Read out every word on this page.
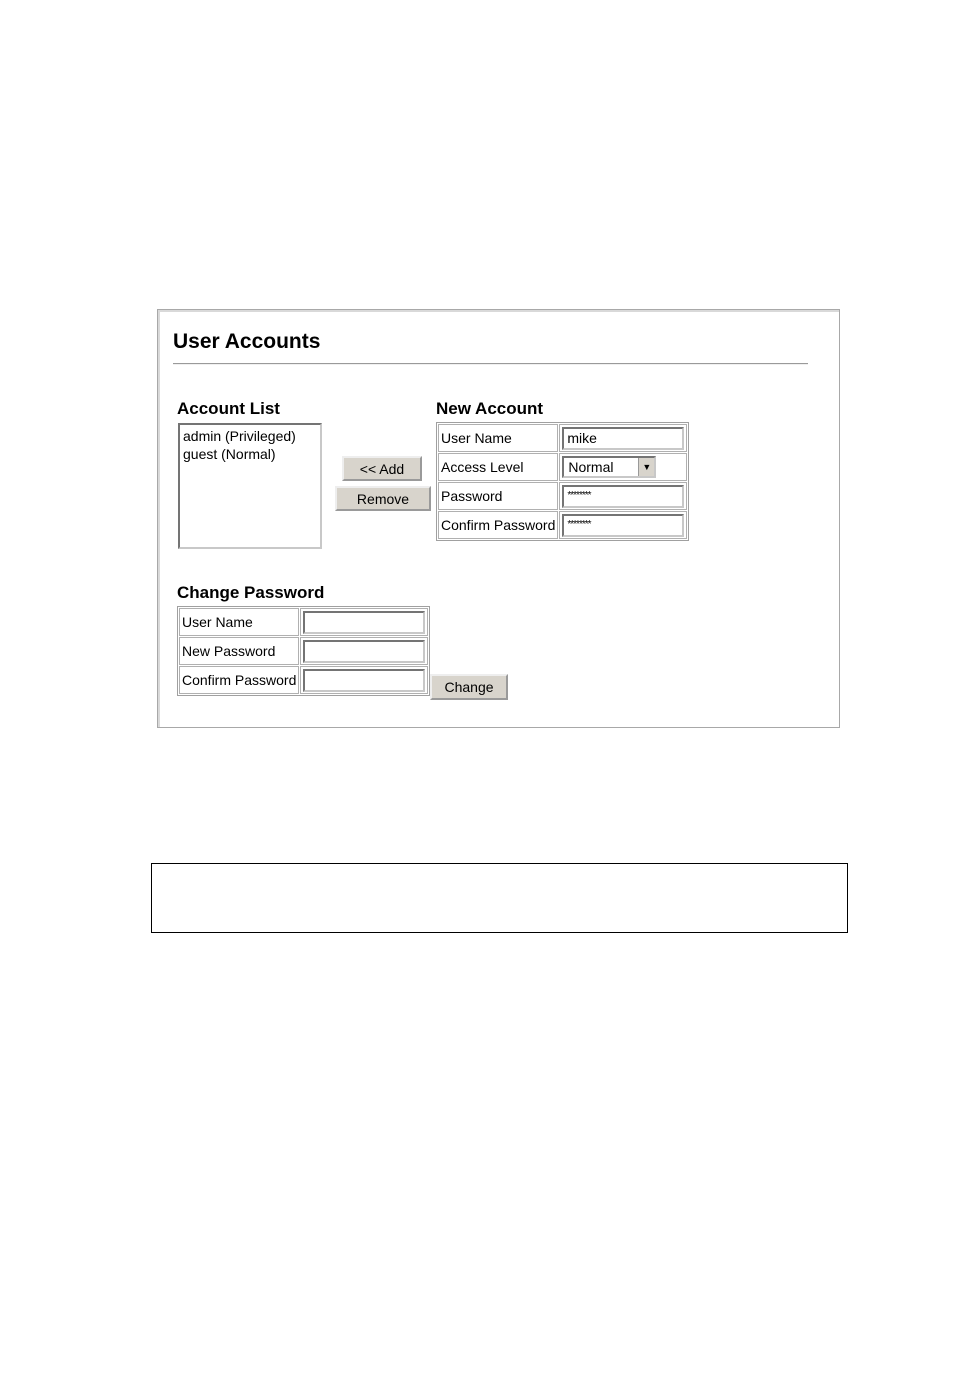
User Accounts
Account List
admin (Privileged)
guest (Normal)
<< Add
Remove
New Account
User Name	mike

Access Level	Normal ▼

Password	********

Confirm Password	********
Change Password
User Name	

New Password	

Confirm Password		Change
